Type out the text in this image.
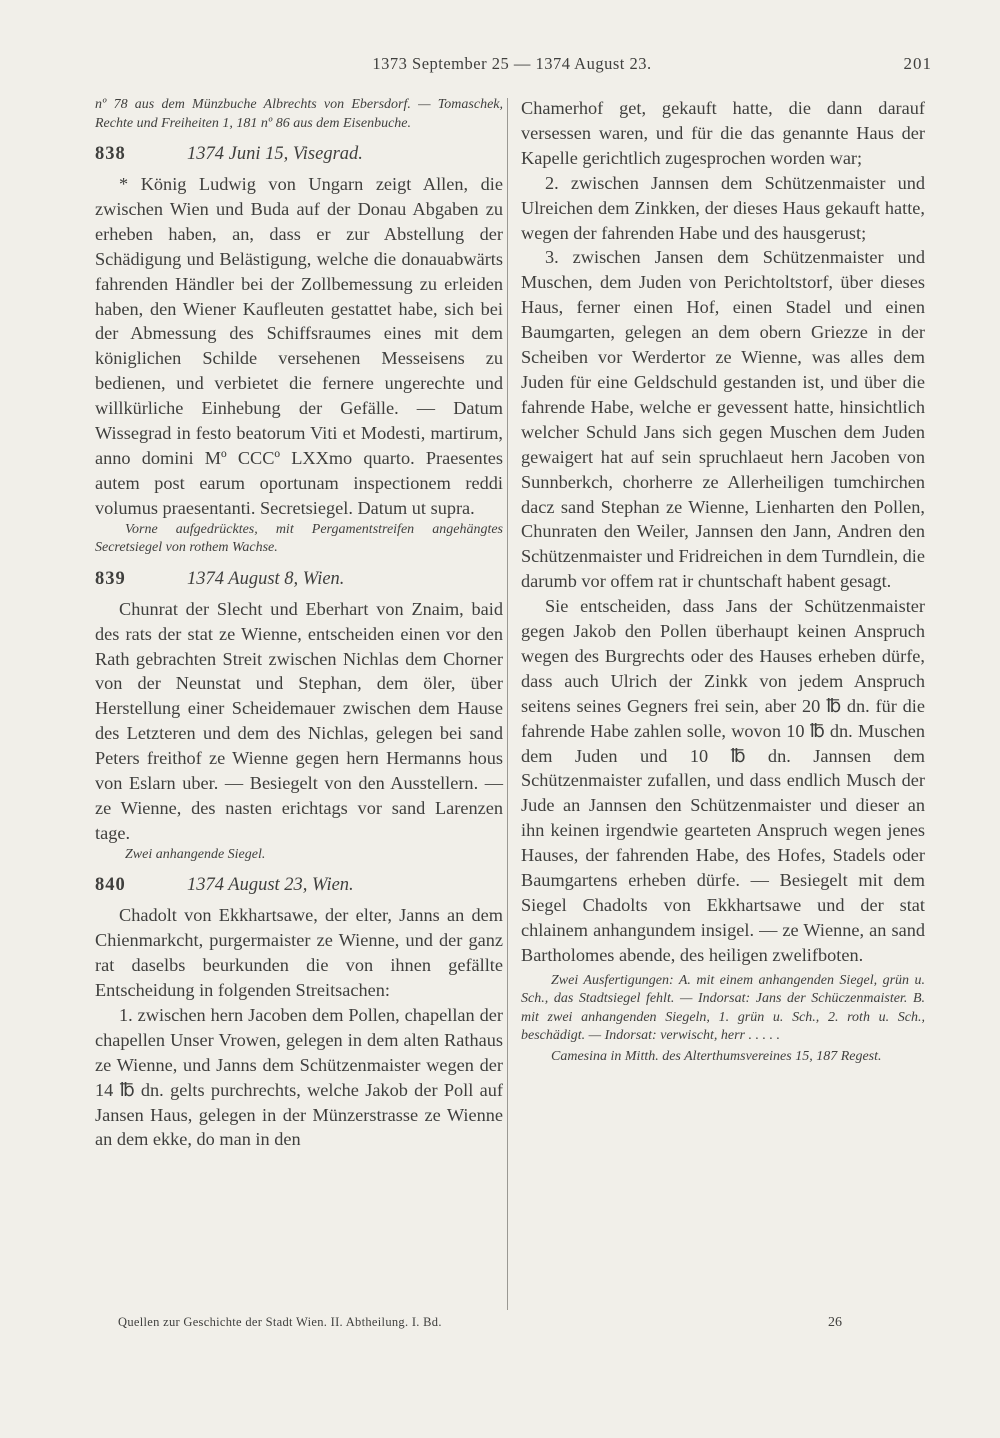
1373 September 25 — 1374 August 23.	201

nº 78 aus dem Münzbuche Albrechts von Ebersdorf. — Tomaschek, Rechte und Freiheiten 1, 181 nº 86 aus dem Eisenbuche.

838	1374 Juni 15, Visegrad.

* König Ludwig von Ungarn zeigt Allen, die zwischen Wien und Buda auf der Donau Abgaben zu erheben haben, an, dass er zur Abstellung der Schädigung und Belästigung, welche die donauabwärts fahrenden Händler bei der Zollbemessung zu erleiden haben, den Wiener Kaufleuten gestattet habe, sich bei der Abmessung des Schiffsraumes eines mit dem königlichen Schilde versehenen Messeisens zu bedienen, und verbietet die fernere ungerechte und willkürliche Einhebung der Gefälle. — Datum Wissegrad in festo beatorum Viti et Modesti, martirum, anno domini Mº CCCº LXXmo quarto. Praesentes autem post earum oportunam inspectionem reddi volumus praesentanti. Secretsiegel. Datum ut supra.

Vorne aufgedrücktes, mit Pergamentstreifen angehängtes Secretsiegel von rothem Wachse.

839	1374 August 8, Wien.

Chunrat der Slecht und Eberhart von Znaim, baid des rats der stat ze Wienne, entscheiden einen vor den Rath gebrachten Streit zwischen Nichlas dem Chorner von der Neunstat und Stephan, dem öler, über Herstellung einer Scheidemauer zwischen dem Hause des Letzteren und dem des Nichlas, gelegen bei sand Peters freithof ze Wienne gegen hern Hermanns hous von Eslarn uber. — Besiegelt von den Ausstellern. — ze Wienne, des nasten erichtags vor sand Larenzen tage.

Zwei anhangende Siegel.

840	1374 August 23, Wien.

Chadolt von Ekkhartsawe, der elter, Janns an dem Chienmarkcht, purgermaister ze Wienne, und der ganz rat daselbs beurkunden die von ihnen gefällte Entscheidung in folgenden Streitsachen:

1. zwischen hern Jacoben dem Pollen, chapellan der chapellen Unser Vrowen, gelegen in dem alten Rathaus ze Wienne, und Janns dem Schützenmaister wegen der 14 ℔ dn. gelts purchrechts, welche Jakob der Poll auf Jansen Haus, gelegen in der Münzerstrasse ze Wienne an dem ekke, do man in den

Chamerhof get, gekauft hatte, die dann darauf versessen waren, und für die das genannte Haus der Kapelle gerichtlich zugesprochen worden war;

2. zwischen Jannsen dem Schützenmaister und Ulreichen dem Zinkken, der dieses Haus gekauft hatte, wegen der fahrenden Habe und des hausgerust;

3. zwischen Jansen dem Schützenmaister und Muschen, dem Juden von Perichtoltstorf, über dieses Haus, ferner einen Hof, einen Stadel und einen Baumgarten, gelegen an dem obern Griezze in der Scheiben vor Werdertor ze Wienne, was alles dem Juden für eine Geldschuld gestanden ist, und über die fahrende Habe, welche er gevessent hatte, hinsichtlich welcher Schuld Jans sich gegen Muschen dem Juden gewaigert hat auf sein spruchlaeut hern Jacoben von Sunnberkch, chorherre ze Allerheiligen tumchirchen dacz sand Stephan ze Wienne, Lienharten den Pollen, Chunraten den Weiler, Jannsen den Jann, Andren den Schützenmaister und Fridreichen in dem Turndlein, die darumb vor offem rat ir chuntschaft habent gesagt.

Sie entscheiden, dass Jans der Schützenmaister gegen Jakob den Pollen überhaupt keinen Anspruch wegen des Burgrechts oder des Hauses erheben dürfe, dass auch Ulrich der Zinkk von jedem Anspruch seitens seines Gegners frei sein, aber 20 ℔ dn. für die fahrende Habe zahlen solle, wovon 10 ℔ dn. Muschen dem Juden und 10 ℔ dn. Jannsen dem Schützenmaister zufallen, und dass endlich Musch der Jude an Jannsen den Schützenmaister und dieser an ihn keinen irgendwie gearteten Anspruch wegen jenes Hauses, der fahrenden Habe, des Hofes, Stadels oder Baumgartens erheben dürfe. — Besiegelt mit dem Siegel Chadolts von Ekkhartsawe und der stat chlainem anhangundem insigel. — ze Wienne, an sand Bartholomes abende, des heiligen zwelifboten.

Zwei Ausfertigungen: A. mit einem anhangenden Siegel, grün u. Sch., das Stadtsiegel fehlt. — Indorsat: Jans der Schüczenmaister. B. mit zwei anhangenden Siegeln, 1. grün u. Sch., 2. roth u. Sch., beschädigt. — Indorsat: verwischt, herr . . . . .

Camesina in Mitth. des Alterthumsvereines 15, 187 Regest.

Quellen zur Geschichte der Stadt Wien. II. Abtheilung. I. Bd.	26
